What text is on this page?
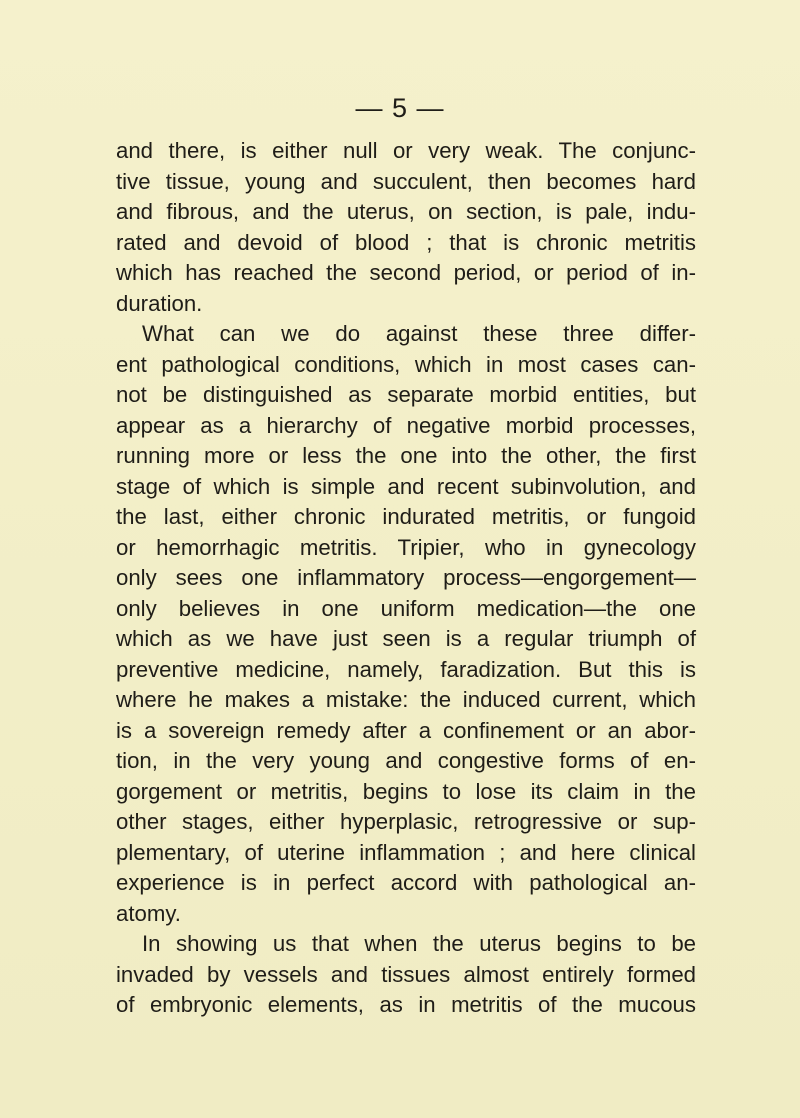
— 5 —
and there, is either null or very weak. The conjunc-
tive tissue, young and succulent, then becomes hard
and fibrous, and the uterus, on section, is pale, indu-
rated and devoid of blood ; that is chronic metritis
which has reached the second period, or period of in-
duration.
What can we do against these three differ-
ent pathological conditions, which in most cases can-
not be distinguished as separate morbid entities, but
appear as a hierarchy of negative morbid processes,
running more or less the one into the other, the first
stage of which is simple and recent subinvolution, and
the last, either chronic indurated metritis, or fungoid
or hemorrhagic metritis. Tripier, who in gynecology
only sees one inflammatory process—engorgement—
only believes in one uniform medication—the one
which as we have just seen is a regular triumph of
preventive medicine, namely, faradization. But this is
where he makes a mistake: the induced current, which
is a sovereign remedy after a confinement or an abor-
tion, in the very young and congestive forms of en-
gorgement or metritis, begins to lose its claim in the
other stages, either hyperplasic, retrogressive or sup-
plementary, of uterine inflammation ; and here clinical
experience is in perfect accord with pathological an-
atomy.
In showing us that when the uterus begins to be
invaded by vessels and tissues almost entirely formed
of embryonic elements, as in metritis of the mucous
